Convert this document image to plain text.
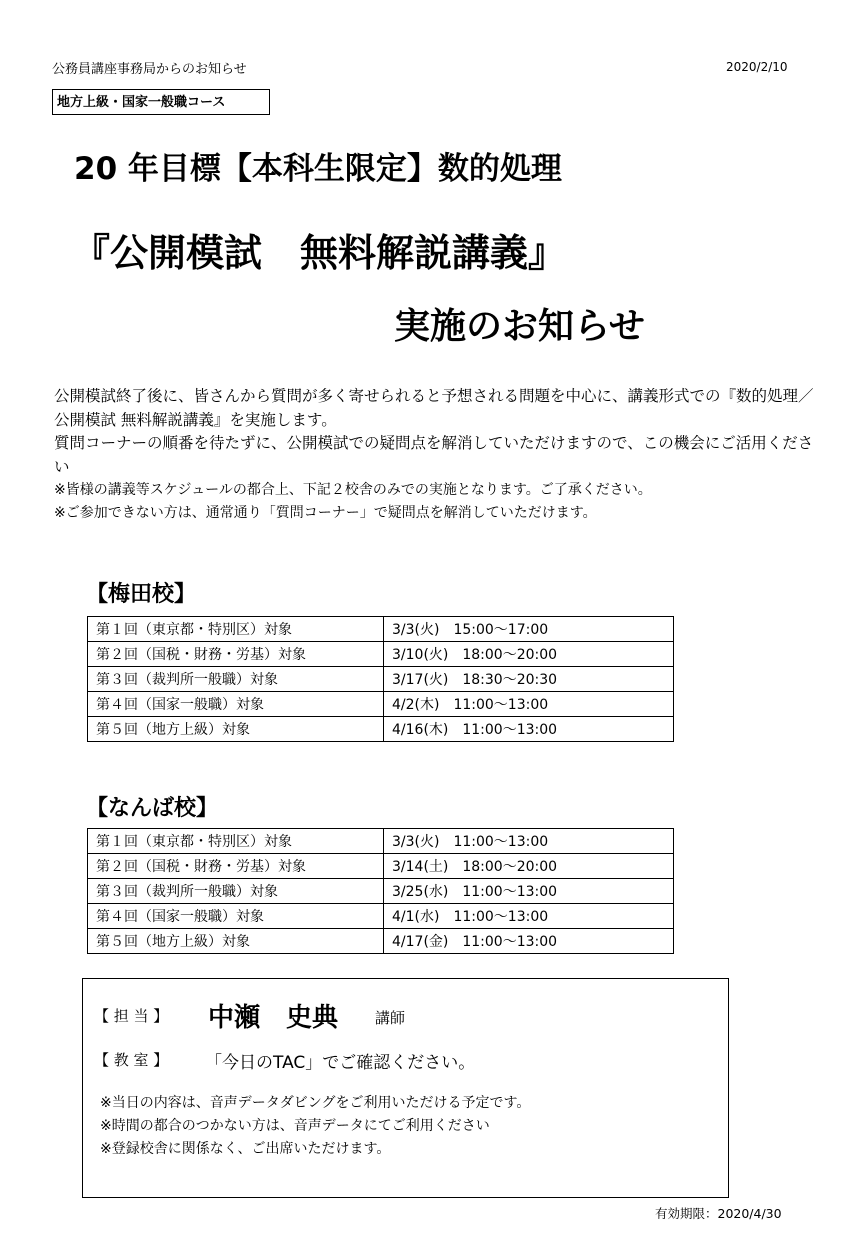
公務員講座事務局からのお知らせ	2020/2/10
地方上級・国家一般職コース
20 年目標【本科生限定】数的処理
『公開模試　無料解説講義』
実施のお知らせ

公開模試終了後に、皆さんから質問が多く寄せられると予想される問題を中心に、講義形式での『数的処理／公開模試 無料解説講義』を実施します。

質問コーナーの順番を待たずに、公開模試での疑問点を解消していただけますので、この機会にご活用ください

※皆様の講義等スケジュールの都合上、下記２校舎のみでの実施となります。ご了承ください。

※ご参加できない方は、通常通り「質問コーナー」で疑問点を解消していただけます。

【梅田校】
第１回（東京都・特別区）対象	3/3(火)　15:00～17:00
第２回（国税・財務・労基）対象	3/10(火)　18:00～20:00
第３回（裁判所一般職）対象	3/17(火)　18:30～20:30
第４回（国家一般職）対象	4/2(木)　11:00～13:00
第５回（地方上級）対象	4/16(木)　11:00～13:00
【なんば校】
第１回（東京都・特別区）対象	3/3(火)　11:00～13:00
第２回（国税・財務・労基）対象	3/14(土)　18:00～20:00
第３回（裁判所一般職）対象	3/25(水)　11:00～13:00
第４回（国家一般職）対象	4/1(水)　11:00～13:00
第５回（地方上級）対象	4/17(金)　11:00～13:00
【 担 当 】 中瀬　史典 講師
【 教 室 】 「今日のTAC」でご確認ください。

※当日の内容は、音声データダビングをご利用いただける予定です。

※時間の都合のつかない方は、音声データにてご利用ください

※登録校舎に関係なく、ご出席いただけます。

有効期限：2020/4/30
